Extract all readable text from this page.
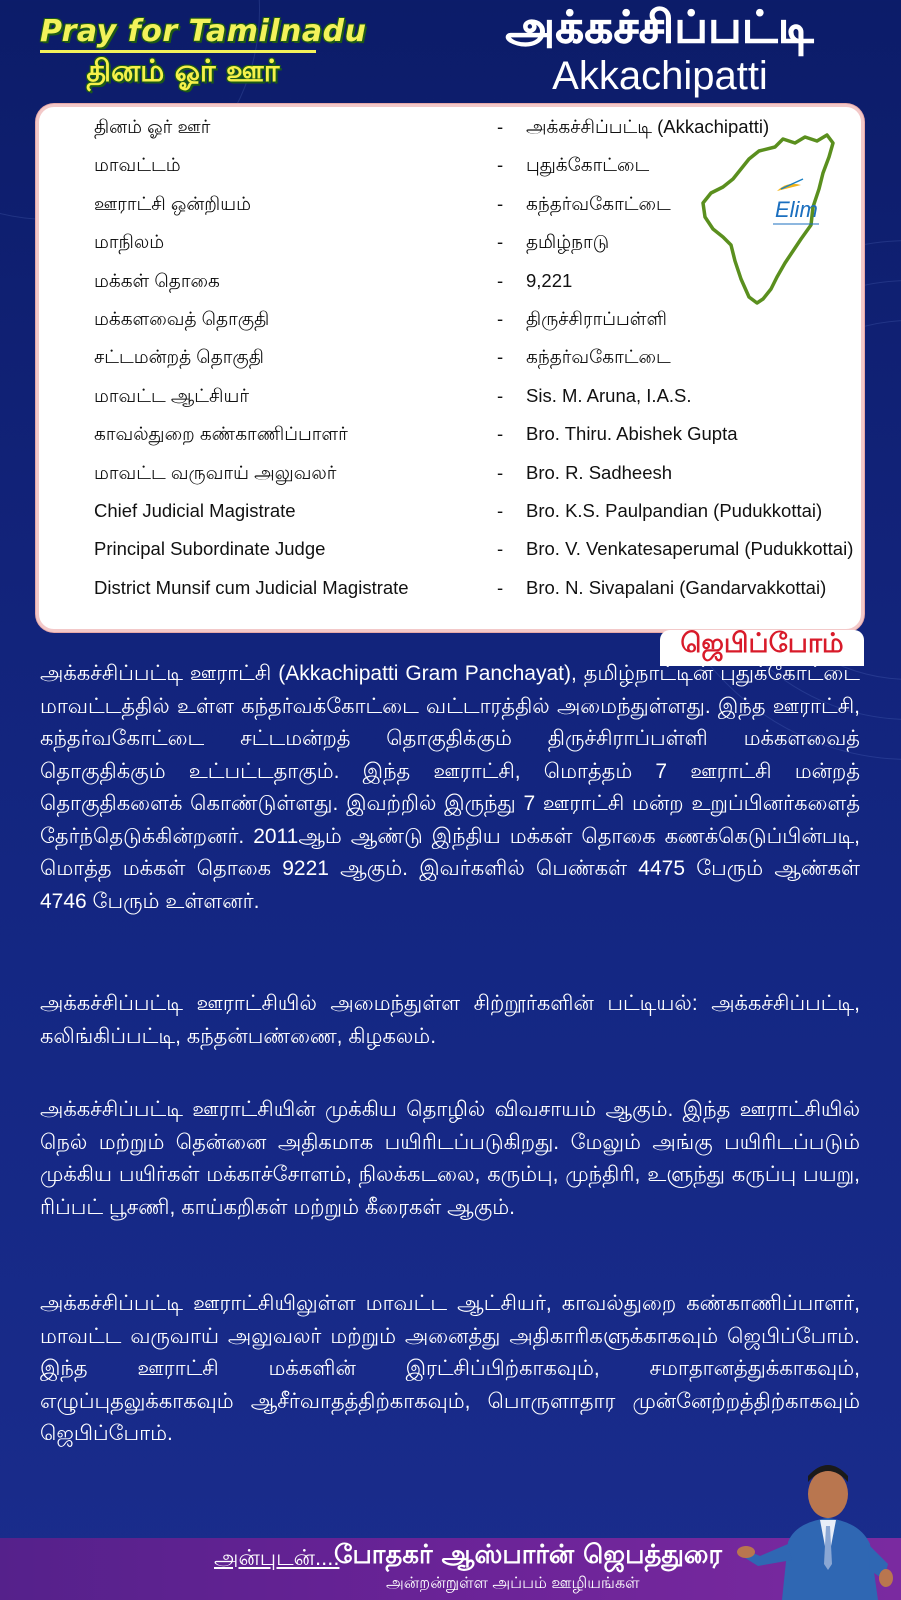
Pray for Tamilnadu
தினம் ஓர் ஊர்
அக்கச்சிப்பட்டி
Akkachipatti
Elim
தினம் ஓர் ஊர்	- அக்கச்சிப்பட்டி (Akkachipatti)
மாவட்டம்	- புதுக்கோட்டை
ஊராட்சி ஒன்றியம்	- கந்தர்வகோட்டை
மாநிலம்	- தமிழ்நாடு
மக்கள் தொகை	- 9,221
மக்களவைத் தொகுதி	- திருச்சிராப்பள்ளி
சட்டமன்றத் தொகுதி	- கந்தர்வகோட்டை
மாவட்ட ஆட்சியர்	- Sis. M. Aruna, I.A.S.
காவல்துறை கண்காணிப்பாளர்	- Bro. Thiru. Abishek Gupta
மாவட்ட வருவாய் அலுவலர்	- Bro. R. Sadheesh
Chief Judicial Magistrate	- Bro. K.S. Paulpandian (Pudukkottai)
Principal Subordinate Judge	- Bro. V. Venkatesaperumal (Pudukkottai)
District Munsif cum Judicial Magistrate	- Bro. N. Sivapalani (Gandarvakkottai)
ஜெபிப்போம்
அக்கச்சிப்பட்டி ஊராட்சி (Akkachipatti Gram Panchayat), தமிழ்நாட்டின் புதுக்கோட்டை மாவட்டத்தில் உள்ள கந்தர்வக்கோட்டை வட்டாரத்தில் அமைந்துள்ளது. இந்த ஊராட்சி, கந்தர்வகோட்டை சட்டமன்றத் தொகுதிக்கும் திருச்சிராப்பள்ளி மக்களவைத் தொகுதிக்கும் உட்பட்டதாகும். இந்த ஊராட்சி, மொத்தம் 7 ஊராட்சி மன்றத் தொகுதிகளைக் கொண்டுள்ளது. இவற்றில் இருந்து 7 ஊராட்சி மன்ற உறுப்பினர்களைத் தேர்ந்தெடுக்கின்றனர். 2011ஆம் ஆண்டு இந்திய மக்கள் தொகை கணக்கெடுப்பின்படி, மொத்த மக்கள் தொகை 9221 ஆகும். இவர்களில் பெண்கள் 4475 பேரும் ஆண்கள் 4746 பேரும் உள்ளனர்.
அக்கச்சிப்பட்டி ஊராட்சியில் அமைந்துள்ள சிற்றூர்களின் பட்டியல்: அக்கச்சிப்பட்டி, கலிங்கிப்பட்டி, கந்தன்பண்ணை, கிழகலம்.
அக்கச்சிப்பட்டி ஊராட்சியின் முக்கிய தொழில் விவசாயம் ஆகும். இந்த ஊராட்சியில் நெல் மற்றும் தென்னை அதிகமாக பயிரிடப்படுகிறது. மேலும் அங்கு பயிரிடப்படும் முக்கிய பயிர்கள் மக்காச்சோளம், நிலக்கடலை, கரும்பு, முந்திரி, உளுந்து கருப்பு பயறு, ரிப்பட் பூசணி, காய்கறிகள் மற்றும் கீரைகள் ஆகும்.
அக்கச்சிப்பட்டி ஊராட்சியிலுள்ள மாவட்ட ஆட்சியர், காவல்துறை கண்காணிப்பாளர், மாவட்ட வருவாய் அலுவலர் மற்றும் அனைத்து அதிகாரிகளுக்காகவும் ஜெபிப்போம். இந்த ஊராட்சி மக்களின் இரட்சிப்பிற்காகவும், சமாதானத்துக்காகவும், எழுப்புதலுக்காகவும் ஆசீர்வாதத்திற்காகவும், பொருளாதார முன்னேற்றத்திற்காகவும் ஜெபிப்போம்.
அன்புடன்....
போதகர் ஆஸ்பார்ன் ஜெபத்துரை
அன்றன்றுள்ள அப்பம் ஊழியங்கள்
